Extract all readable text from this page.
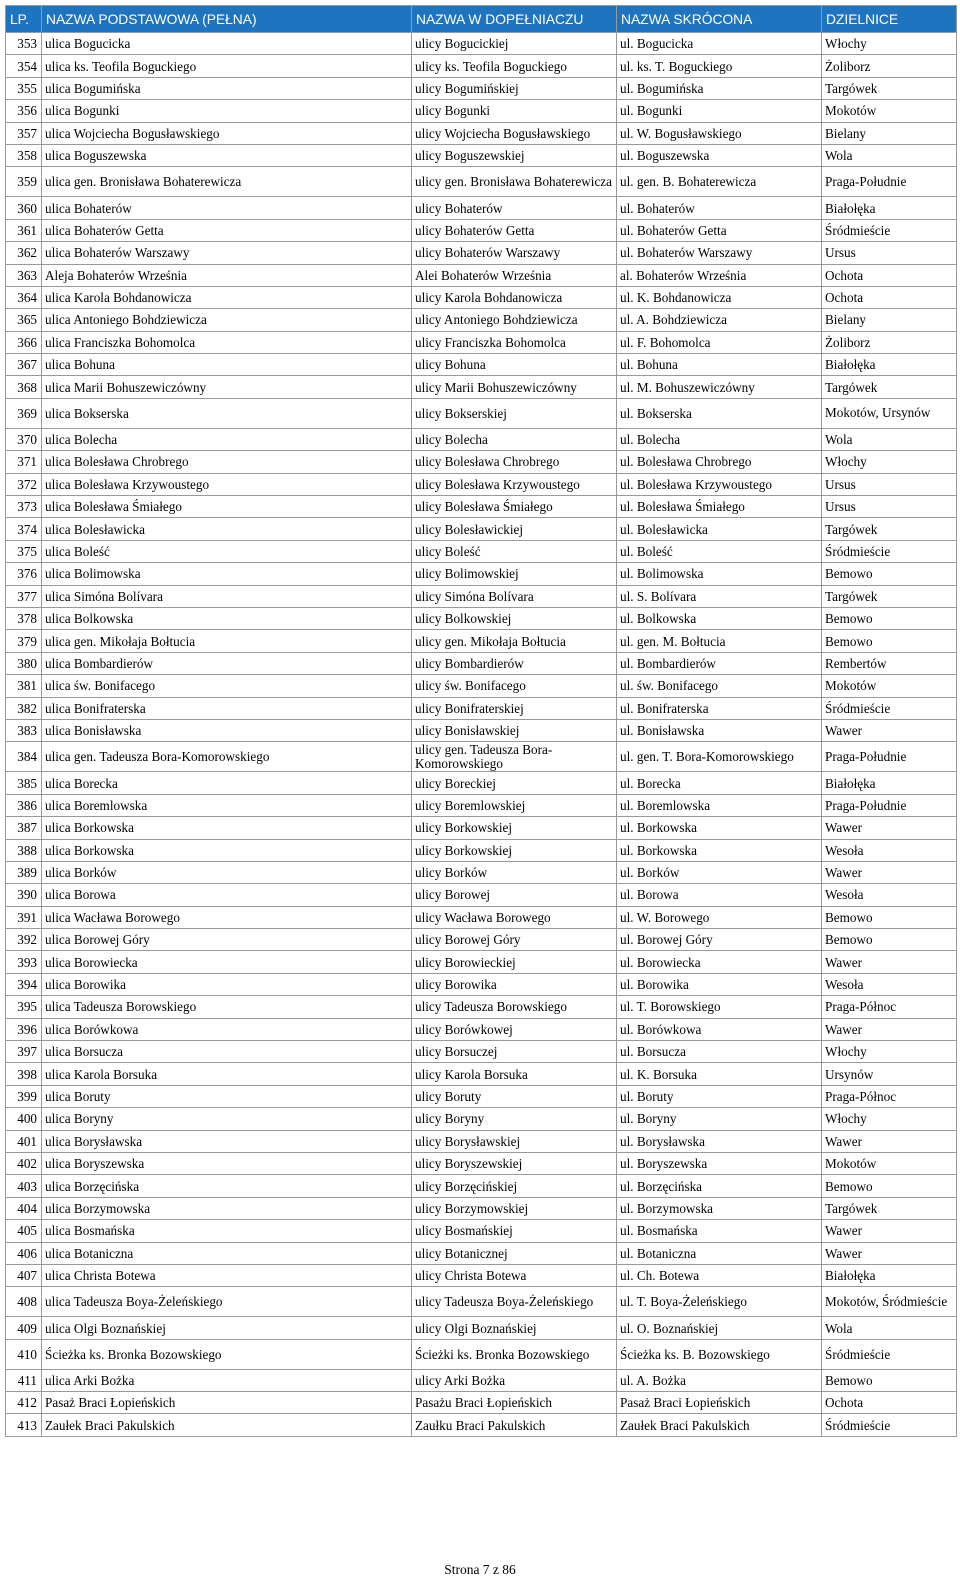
LP.	NAZWA PODSTAWOWA (PEŁNA)	NAZWA W DOPEŁNIACZU	NAZWA SKRÓCONA	DZIELNICE
353	ulica Bogucicka	ulicy Bogucickiej	ul. Bogucicka	Włochy
354	ulica ks. Teofila Boguckiego	ulicy ks. Teofila Boguckiego	ul. ks. T. Boguckiego	Żoliborz
355	ulica Bogumińska	ulicy Bogumińskiej	ul. Bogumińska	Targówek
356	ulica Bogunki	ulicy Bogunki	ul. Bogunki	Mokotów
357	ulica Wojciecha Bogusławskiego	ulicy Wojciecha Bogusławskiego	ul. W. Bogusławskiego	Bielany
358	ulica Boguszewska	ulicy Boguszewskiej	ul. Boguszewska	Wola
359	ulica gen. Bronisława Bohaterewicza	ulicy gen. Bronisława Bohaterewicza	ul. gen. B. Bohaterewicza	Praga-Południe
360	ulica Bohaterów	ulicy Bohaterów	ul. Bohaterów	Białołęka
361	ulica Bohaterów Getta	ulicy Bohaterów Getta	ul. Bohaterów Getta	Śródmieście
362	ulica Bohaterów Warszawy	ulicy Bohaterów Warszawy	ul. Bohaterów Warszawy	Ursus
363	Aleja Bohaterów Września	Alei Bohaterów Września	al. Bohaterów Września	Ochota
364	ulica Karola Bohdanowicza	ulicy Karola Bohdanowicza	ul. K. Bohdanowicza	Ochota
365	ulica Antoniego Bohdziewicza	ulicy Antoniego Bohdziewicza	ul. A. Bohdziewicza	Bielany
366	ulica Franciszka Bohomolca	ulicy Franciszka Bohomolca	ul. F. Bohomolca	Żoliborz
367	ulica Bohuna	ulicy Bohuna	ul. Bohuna	Białołęka
368	ulica Marii Bohuszewiczówny	ulicy Marii Bohuszewiczówny	ul. M. Bohuszewiczówny	Targówek
369	ulica Bokserska	ulicy Bokserskiej	ul. Bokserska	Mokotów, Ursynów
370	ulica Bolecha	ulicy Bolecha	ul. Bolecha	Wola
371	ulica Bolesława Chrobrego	ulicy Bolesława Chrobrego	ul. Bolesława Chrobrego	Włochy
372	ulica Bolesława Krzywoustego	ulicy Bolesława Krzywoustego	ul. Bolesława Krzywoustego	Ursus
373	ulica Bolesława Śmiałego	ulicy Bolesława Śmiałego	ul. Bolesława Śmiałego	Ursus
374	ulica Bolesławicka	ulicy Bolesławickiej	ul. Bolesławicka	Targówek
375	ulica Boleść	ulicy Boleść	ul. Boleść	Śródmieście
376	ulica Bolimowska	ulicy Bolimowskiej	ul. Bolimowska	Bemowo
377	ulica Simóna Bolívara	ulicy Simóna Bolívara	ul. S. Bolívara	Targówek
378	ulica Bolkowska	ulicy Bolkowskiej	ul. Bolkowska	Bemowo
379	ulica gen. Mikołaja Bołtucia	ulicy gen. Mikołaja Bołtucia	ul. gen. M. Bołtucia	Bemowo
380	ulica Bombardierów	ulicy Bombardierów	ul. Bombardierów	Rembertów
381	ulica św. Bonifacego	ulicy św. Bonifacego	ul. św. Bonifacego	Mokotów
382	ulica Bonifraterska	ulicy Bonifraterskiej	ul. Bonifraterska	Śródmieście
383	ulica Bonisławska	ulicy Bonisławskiej	ul. Bonisławska	Wawer
384	ulica gen. Tadeusza Bora-Komorowskiego	ulicy gen. Tadeusza Bora-Komorowskiego	ul. gen. T. Bora-Komorowskiego	Praga-Południe
385	ulica Borecka	ulicy Boreckiej	ul. Borecka	Białołęka
386	ulica Boremlowska	ulicy Boremlowskiej	ul. Boremlowska	Praga-Południe
387	ulica Borkowska	ulicy Borkowskiej	ul. Borkowska	Wawer
388	ulica Borkowska	ulicy Borkowskiej	ul. Borkowska	Wesoła
389	ulica Borków	ulicy Borków	ul. Borków	Wawer
390	ulica Borowa	ulicy Borowej	ul. Borowa	Wesoła
391	ulica Wacława Borowego	ulicy Wacława Borowego	ul. W. Borowego	Bemowo
392	ulica Borowej Góry	ulicy Borowej Góry	ul. Borowej Góry	Bemowo
393	ulica Borowiecka	ulicy Borowieckiej	ul. Borowiecka	Wawer
394	ulica Borowika	ulicy Borowika	ul. Borowika	Wesoła
395	ulica Tadeusza Borowskiego	ulicy Tadeusza Borowskiego	ul. T. Borowskiego	Praga-Północ
396	ulica Borówkowa	ulicy Borówkowej	ul. Borówkowa	Wawer
397	ulica Borsucza	ulicy Borsuczej	ul. Borsucza	Włochy
398	ulica Karola Borsuka	ulicy Karola Borsuka	ul. K. Borsuka	Ursynów
399	ulica Boruty	ulicy Boruty	ul. Boruty	Praga-Północ
400	ulica Boryny	ulicy Boryny	ul. Boryny	Włochy
401	ulica Borysławska	ulicy Borysławskiej	ul. Borysławska	Wawer
402	ulica Boryszewska	ulicy Boryszewskiej	ul. Boryszewska	Mokotów
403	ulica Borzęcińska	ulicy Borzęcińskiej	ul. Borzęcińska	Bemowo
404	ulica Borzymowska	ulicy Borzymowskiej	ul. Borzymowska	Targówek
405	ulica Bosmańska	ulicy Bosmańskiej	ul. Bosmańska	Wawer
406	ulica Botaniczna	ulicy Botanicznej	ul. Botaniczna	Wawer
407	ulica Christa Botewa	ulicy Christa Botewa	ul. Ch. Botewa	Białołęka
408	ulica Tadeusza Boya-Żeleńskiego	ulicy Tadeusza Boya-Żeleńskiego	ul. T. Boya-Żeleńskiego	Mokotów, Śródmieście
409	ulica Olgi Boznańskiej	ulicy Olgi Boznańskiej	ul. O. Boznańskiej	Wola
410	Ścieżka ks. Bronka Bozowskiego	Ścieżki ks. Bronka Bozowskiego	Ścieżka ks. B. Bozowskiego	Śródmieście
411	ulica Arki Bożka	ulicy Arki Bożka	ul. A. Bożka	Bemowo
412	Pasaż Braci Łopieńskich	Pasażu Braci Łopieńskich	Pasaż Braci Łopieńskich	Ochota
413	Zaułek Braci Pakulskich	Zaułku Braci Pakulskich	Zaułek Braci Pakulskich	Śródmieście
Strona 7 z 86
